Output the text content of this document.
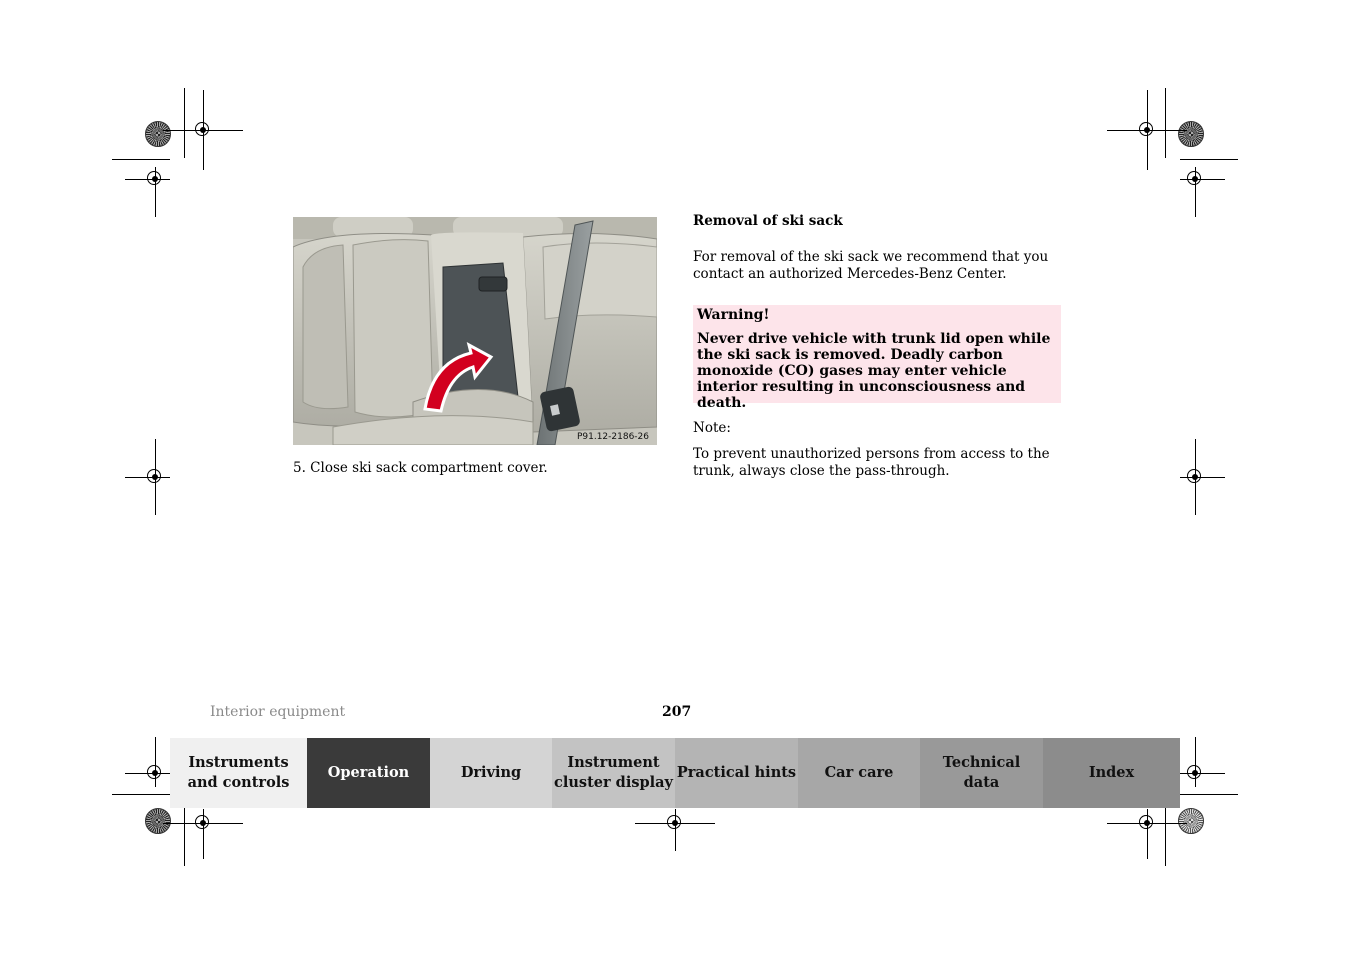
P91.12-2186-26
5. Close ski sack compartment cover.
Removal of ski sack
For removal of the ski sack we recommend that you contact an authorized Mercedes-Benz Center.
Warning!
Never drive vehicle with trunk lid open while the ski sack is removed. Deadly carbon monoxide (CO) gases may enter vehicle interior resulting in unconsciousness and death.
Note:
To prevent unauthorized persons from access to the trunk, always close the pass-through.
Interior equipment	207
Instruments
and controls
Operation	Driving
Instrument
cluster display
Practical hints Car care
Technical
data
Index
